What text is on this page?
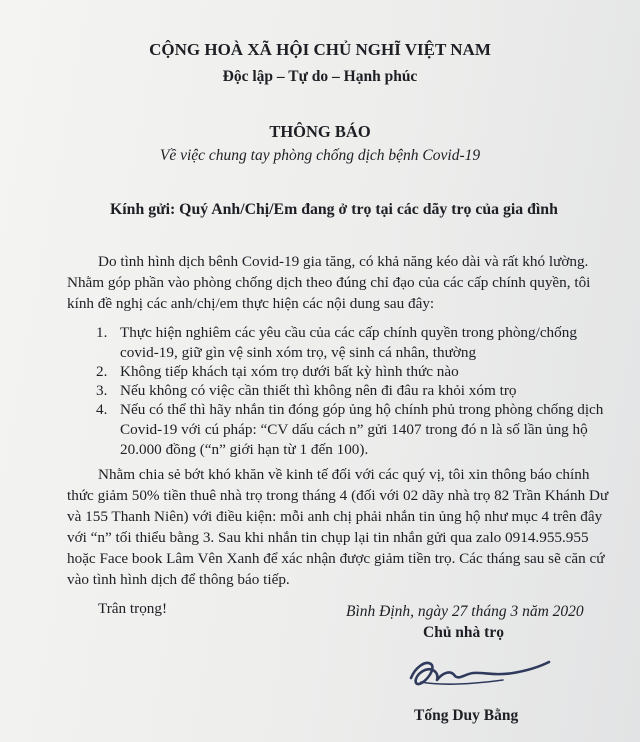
CỘNG HOÀ XÃ HỘI CHỦ NGHĨ VIỆT NAM
Độc lập – Tự do – Hạnh phúc
THÔNG BÁO
Về việc chung tay phòng chống dịch bệnh Covid-19
Kính gửi: Quý Anh/Chị/Em đang ở trọ tại các dãy trọ của gia đình
Do tình hình dịch bênh Covid-19 gia tăng, có khả năng kéo dài và rất khó lường.
Nhằm góp phần vào phòng chống dịch theo đúng chỉ đạo của các cấp chính quyền, tôi
kính đề nghị các anh/chị/em thực hiện các nội dung sau đây:
1. Thực hiện nghiêm các yêu cầu của các cấp chính quyền trong phòng/chống
covid-19, giữ gìn vệ sinh xóm trọ, vệ sinh cá nhân, thường
2. Không tiếp khách tại xóm trọ dưới bất kỳ hình thức nào
3. Nếu không có việc cần thiết thì không nên đi đâu ra khỏi xóm trọ
4. Nếu có thể thì hãy nhắn tin đóng góp ủng hộ chính phủ trong phòng chống dịch
Covid-19 với cú pháp: “CV dấu cách n” gửi 1407 trong đó n là số lần ủng hộ
20.000 đồng (“n” giới hạn từ 1 đến 100).
Nhằm chia sẻ bớt khó khăn về kinh tế đối với các quý vị, tôi xin thông báo chính
thức giảm 50% tiền thuê nhà trọ trong tháng 4 (đối với 02 dãy nhà trọ 82 Trần Khánh Dư
và 155 Thanh Niên) với điều kiện: mỗi anh chị phải nhắn tin ủng hộ như mục 4 trên đây
với “n” tối thiểu bằng 3. Sau khi nhắn tin chụp lại tin nhắn gửi qua zalo 0914.955.955
hoặc Face book Lâm Vên Xanh để xác nhận được giảm tiền trọ. Các tháng sau sẽ căn cứ
vào tình hình dịch để thông báo tiếp.
Trân trọng!	Bình Định, ngày 27 tháng 3 năm 2020
Chủ nhà trọ
Tống Duy Bằng
